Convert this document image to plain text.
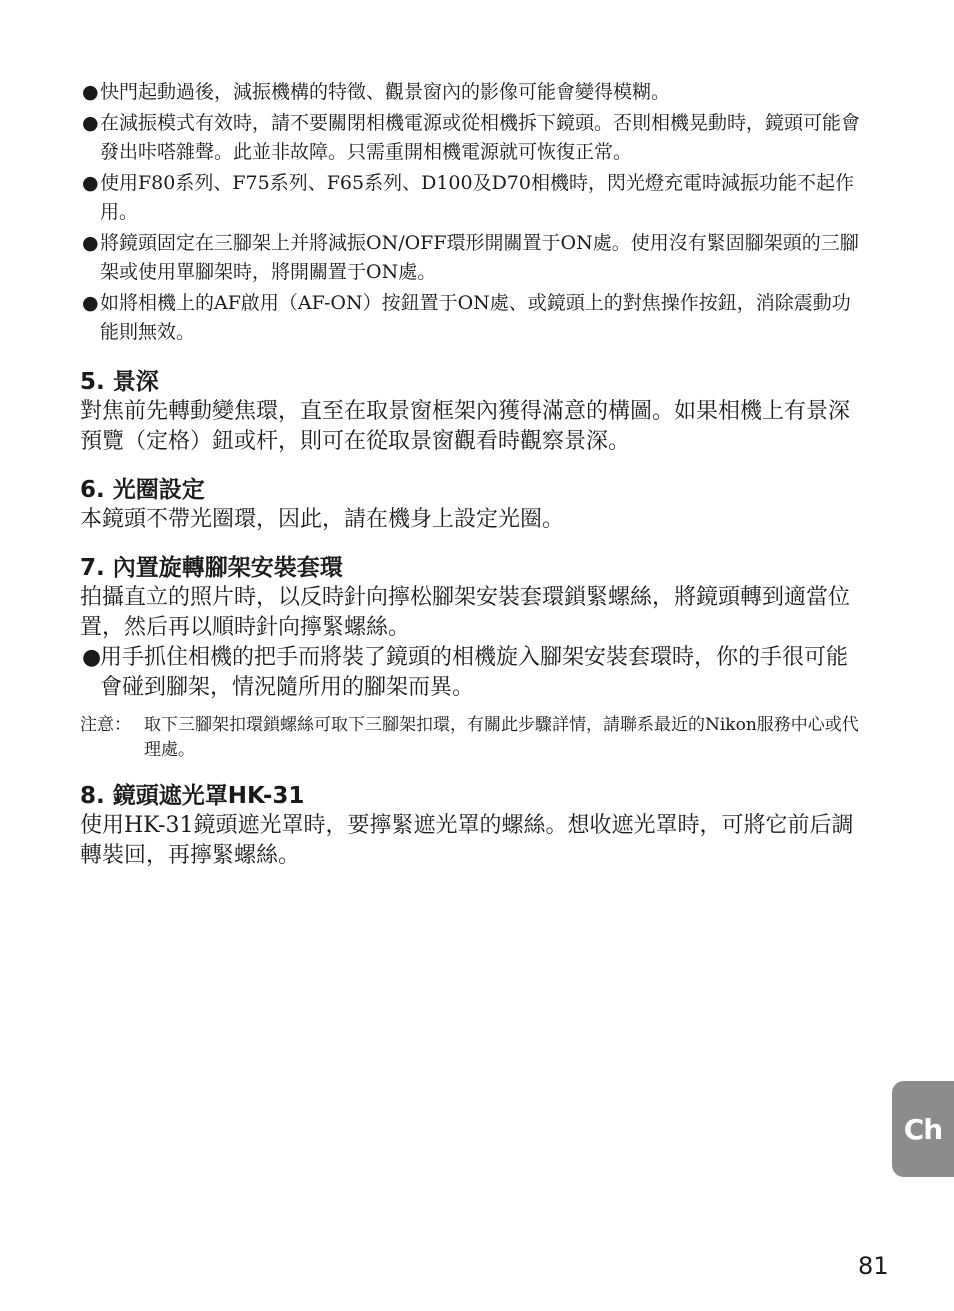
● 快門起動過後，減振機構的特徵、觀景窗內的影像可能會變得模糊。
● 在減振模式有效時，請不要關閉相機電源或從相機拆下鏡頭。否則相機晃動時，鏡頭可能會發出咔嗒雜聲。此並非故障。只需重開相機電源就可恢復正常。
● 使用F80系列、F75系列、F65系列、D100及D70相機時，閃光燈充電時減振功能不起作用。
● 將鏡頭固定在三腳架上并將減振ON/OFF環形開關置于ON處。使用沒有緊固腳架頭的三腳架或使用單腳架時，將開關置于ON處。
● 如將相機上的AF啟用（AF-ON）按鈕置于ON處、或鏡頭上的對焦操作按鈕，消除震動功能則無效。
5. 景深

對焦前先轉動變焦環，直至在取景窗框架內獲得滿意的構圖。如果相機上有景深預覽（定格）鈕或杆，則可在從取景窗觀看時觀察景深。

6. 光圈設定

本鏡頭不帶光圈環，因此，請在機身上設定光圈。

7. 內置旋轉腳架安裝套環

拍攝直立的照片時，以反時針向擰松腳架安裝套環鎖緊螺絲，將鏡頭轉到適當位置，然后再以順時針向擰緊螺絲。

●
用手抓住相機的把手而將裝了鏡頭的相機旋入腳架安裝套環時，你的手很可能會碰到腳架，情況隨所用的腳架而異。
注意： 取下三腳架扣環鎖螺絲可取下三腳架扣環，有關此步驟詳情，請聯系最近的Nikon服務中心或代理處。
8. 鏡頭遮光罩HK-31

使用HK-31鏡頭遮光罩時，要擰緊遮光罩的螺絲。想收遮光罩時，可將它前后調轉裝回，再擰緊螺絲。

Ch
81
